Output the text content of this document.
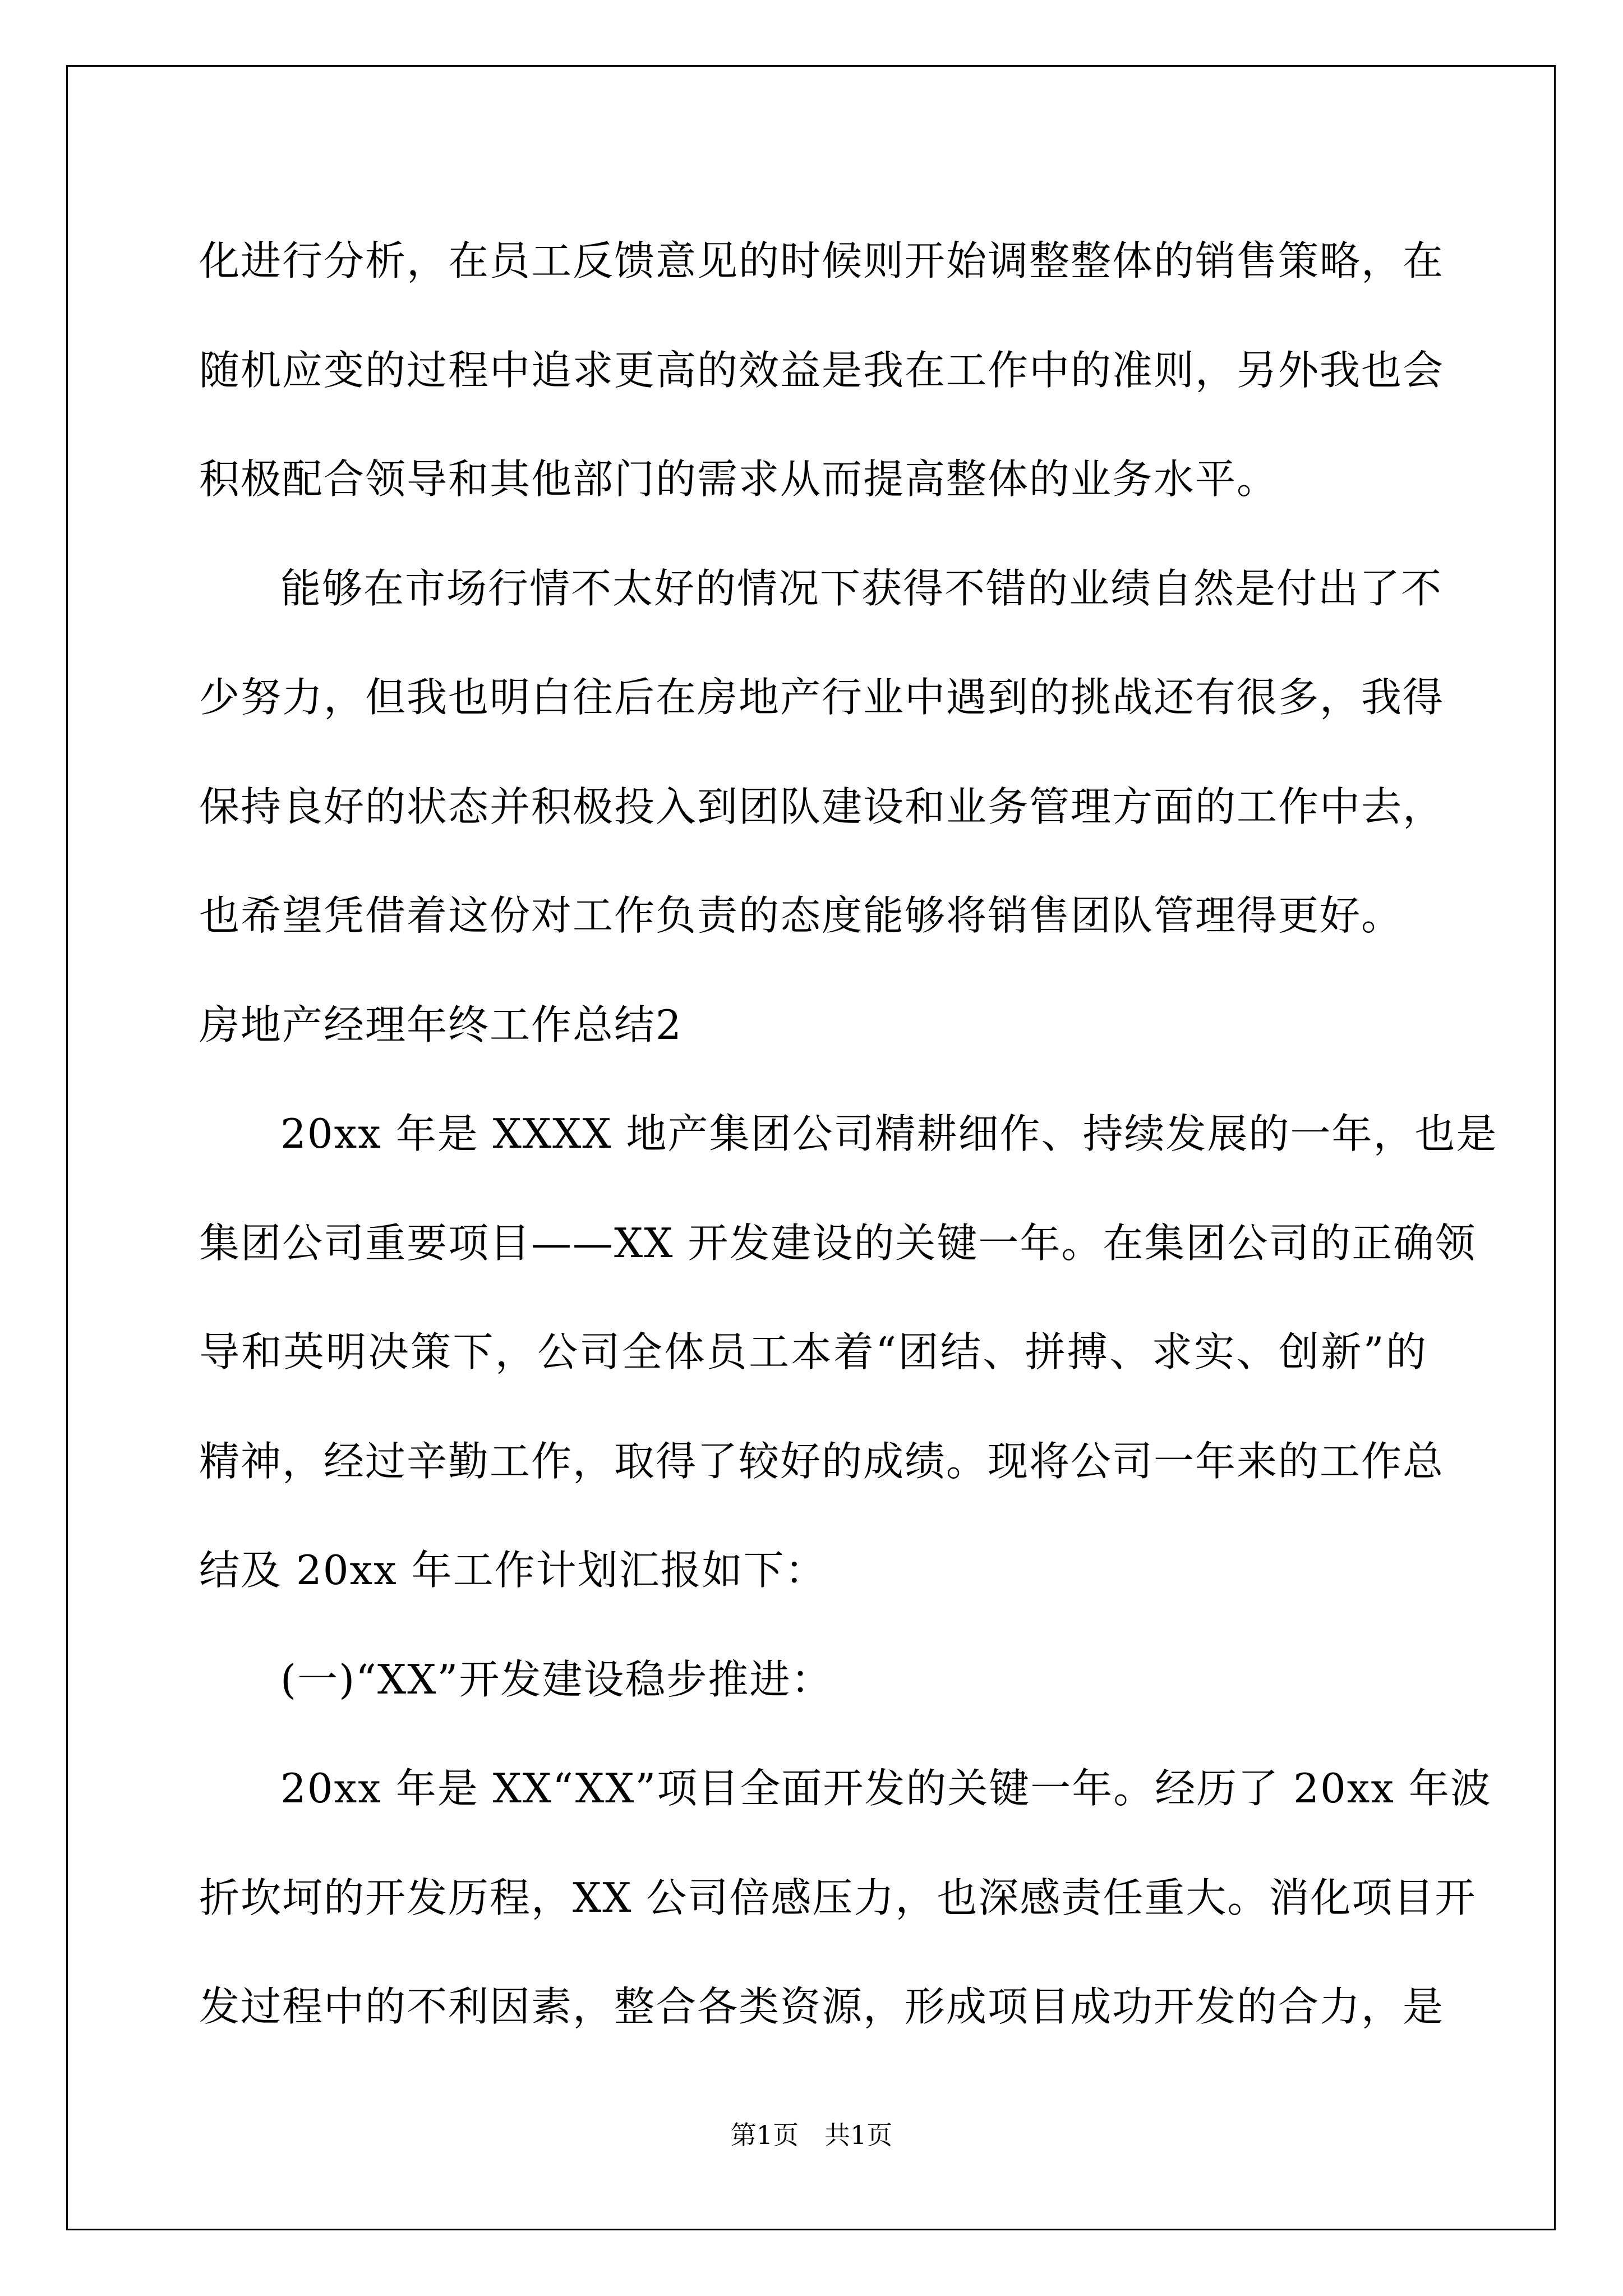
化进行分析，在员工反馈意见的时候则开始调整整体的销售策略，在
随机应变的过程中追求更高的效益是我在工作中的准则，另外我也会
积极配合领导和其他部门的需求从而提高整体的业务水平。
能够在市场行情不太好的情况下获得不错的业绩自然是付出了不
少努力，但我也明白往后在房地产行业中遇到的挑战还有很多，我得
保持良好的状态并积极投入到团队建设和业务管理方面的工作中去，
也希望凭借着这份对工作负责的态度能够将销售团队管理得更好。
房地产经理年终工作总结2
20xx 年是 XXXX 地产集团公司精耕细作、持续发展的一年，也是
集团公司重要项目——XX 开发建设的关键一年。在集团公司的正确领
导和英明决策下，公司全体员工本着“团结、拼搏、求实、创新”的
精神，经过辛勤工作，取得了较好的成绩。现将公司一年来的工作总
结及 20xx 年工作计划汇报如下：
(一)“XX”开发建设稳步推进：
20xx 年是 XX“XX”项目全面开发的关键一年。经历了 20xx 年波
折坎坷的开发历程，XX 公司倍感压力，也深感责任重大。消化项目开
发过程中的不利因素，整合各类资源，形成项目成功开发的合力，是
第1页　共1页
